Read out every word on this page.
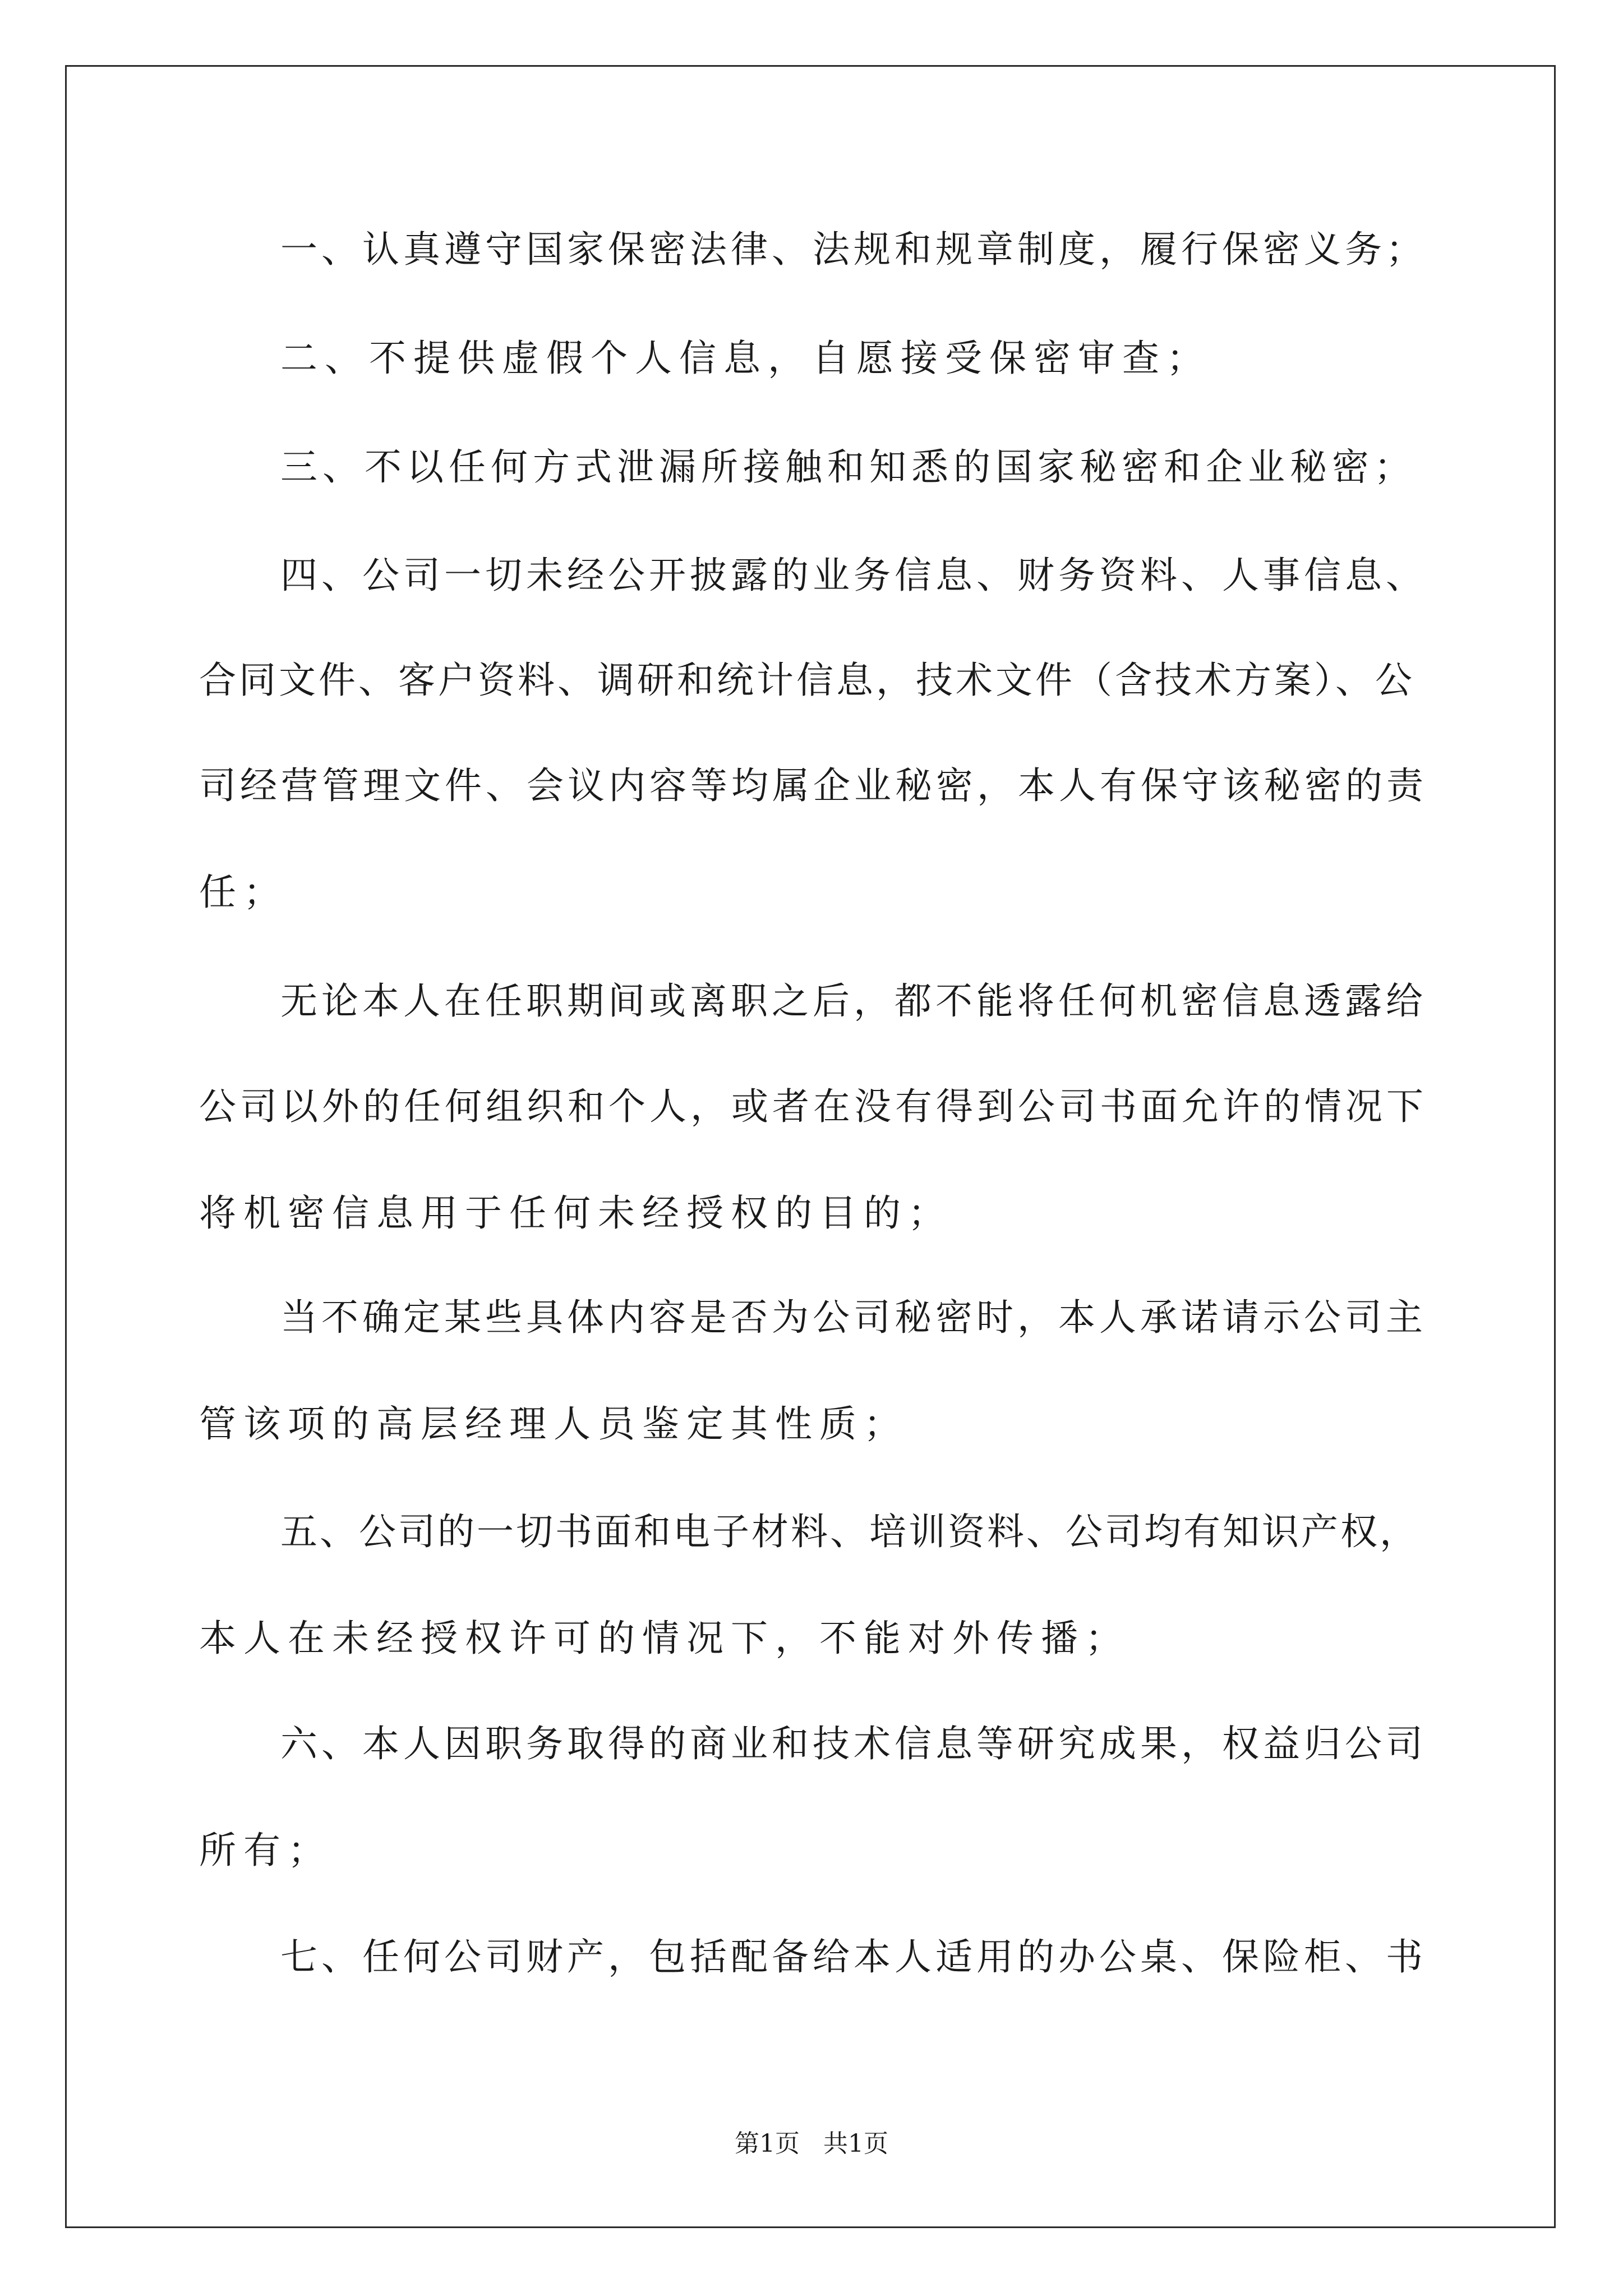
一、认真遵守国家保密法律、法规和规章制度，履行保密义务；

二、不提供虚假个人信息，自愿接受保密审查；

三、不以任何方式泄漏所接触和知悉的国家秘密和企业秘密；

四、公司一切未经公开披露的业务信息、财务资料、人事信息、

合同文件、客户资料、调研和统计信息，技术文件（含技术方案）、公

司经营管理文件、会议内容等均属企业秘密，本人有保守该秘密的责

任；

无论本人在任职期间或离职之后，都不能将任何机密信息透露给

公司以外的任何组织和个人，或者在没有得到公司书面允许的情况下

将机密信息用于任何未经授权的目的；

当不确定某些具体内容是否为公司秘密时，本人承诺请示公司主

管该项的高层经理人员鉴定其性质；

五、公司的一切书面和电子材料、培训资料、公司均有知识产权，

本人在未经授权许可的情况下，不能对外传播；

六、本人因职务取得的商业和技术信息等研究成果，权益归公司

所有；

七、任何公司财产，包括配备给本人适用的办公桌、保险柜、书

第1页   共1页
